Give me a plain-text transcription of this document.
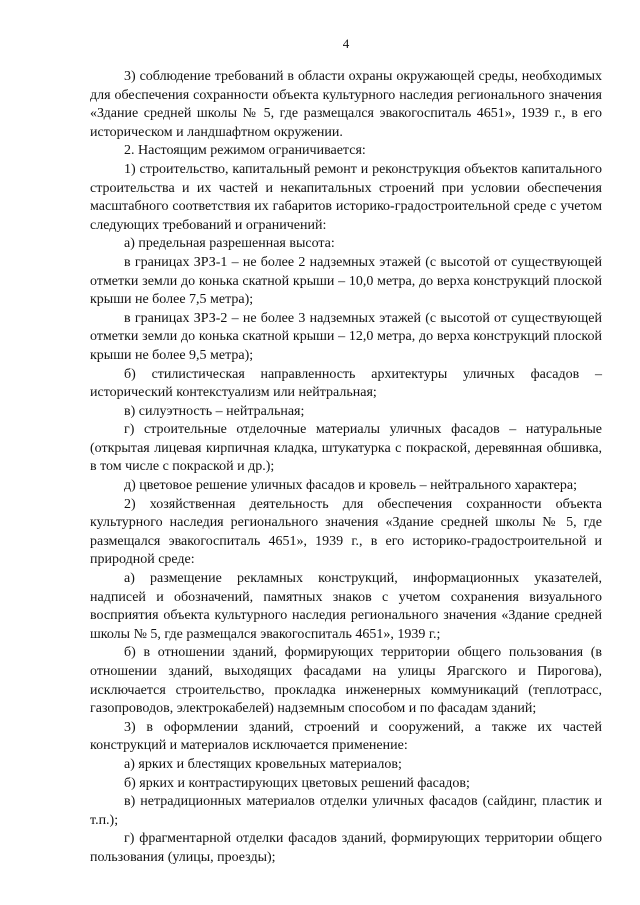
4

3) соблюдение требований в области охраны окружающей среды, необходимых для обеспечения сохранности объекта культурного наследия регионального значения «Здание средней школы № 5, где размещался эвакогоспиталь 4651», 1939 г., в его историческом и ландшафтном окружении.

2. Настоящим режимом ограничивается:

1) строительство, капитальный ремонт и реконструкция объектов капитального строительства и их частей и некапитальных строений при условии обеспечения масштабного соответствия их габаритов историко-градостроительной среде с учетом следующих требований и ограничений:

а) предельная разрешенная высота:

в границах ЗРЗ-1 – не более 2 надземных этажей (с высотой от существующей отметки земли до конька скатной крыши – 10,0 метра, до верха конструкций плоской крыши не более 7,5 метра);

в границах ЗРЗ-2 – не более 3 надземных этажей (с высотой от существующей отметки земли до конька скатной крыши – 12,0 метра, до верха конструкций плоской крыши не более 9,5 метра);

б) стилистическая направленность архитектуры уличных фасадов – исторический контекстуализм или нейтральная;

в) силуэтность – нейтральная;

г) строительные отделочные материалы уличных фасадов – натуральные (открытая лицевая кирпичная кладка, штукатурка с покраской, деревянная обшивка, в том числе с покраской и др.);

д) цветовое решение уличных фасадов и кровель – нейтрального характера;

2) хозяйственная деятельность для обеспечения сохранности объекта культурного наследия регионального значения «Здание средней школы № 5, где размещался эвакогоспиталь 4651», 1939 г., в его историко-градостроительной и природной среде:

а) размещение рекламных конструкций, информационных указателей, надписей и обозначений, памятных знаков с учетом сохранения визуального восприятия объекта культурного наследия регионального значения «Здание средней школы № 5, где размещался эвакогоспиталь 4651», 1939 г.;

б) в отношении зданий, формирующих территории общего пользования (в отношении зданий, выходящих фасадами на улицы Ярагского и Пирогова), исключается строительство, прокладка инженерных коммуникаций (теплотрасс, газопроводов, электрокабелей) надземным способом и по фасадам зданий;

3) в оформлении зданий, строений и сооружений, а также их частей конструкций и материалов исключается применение:

а) ярких и блестящих кровельных материалов;

б) ярких и контрастирующих цветовых решений фасадов;

в) нетрадиционных материалов отделки уличных фасадов (сайдинг, пластик и т.п.);

г) фрагментарной отделки фасадов зданий, формирующих территории общего пользования (улицы, проезды);
